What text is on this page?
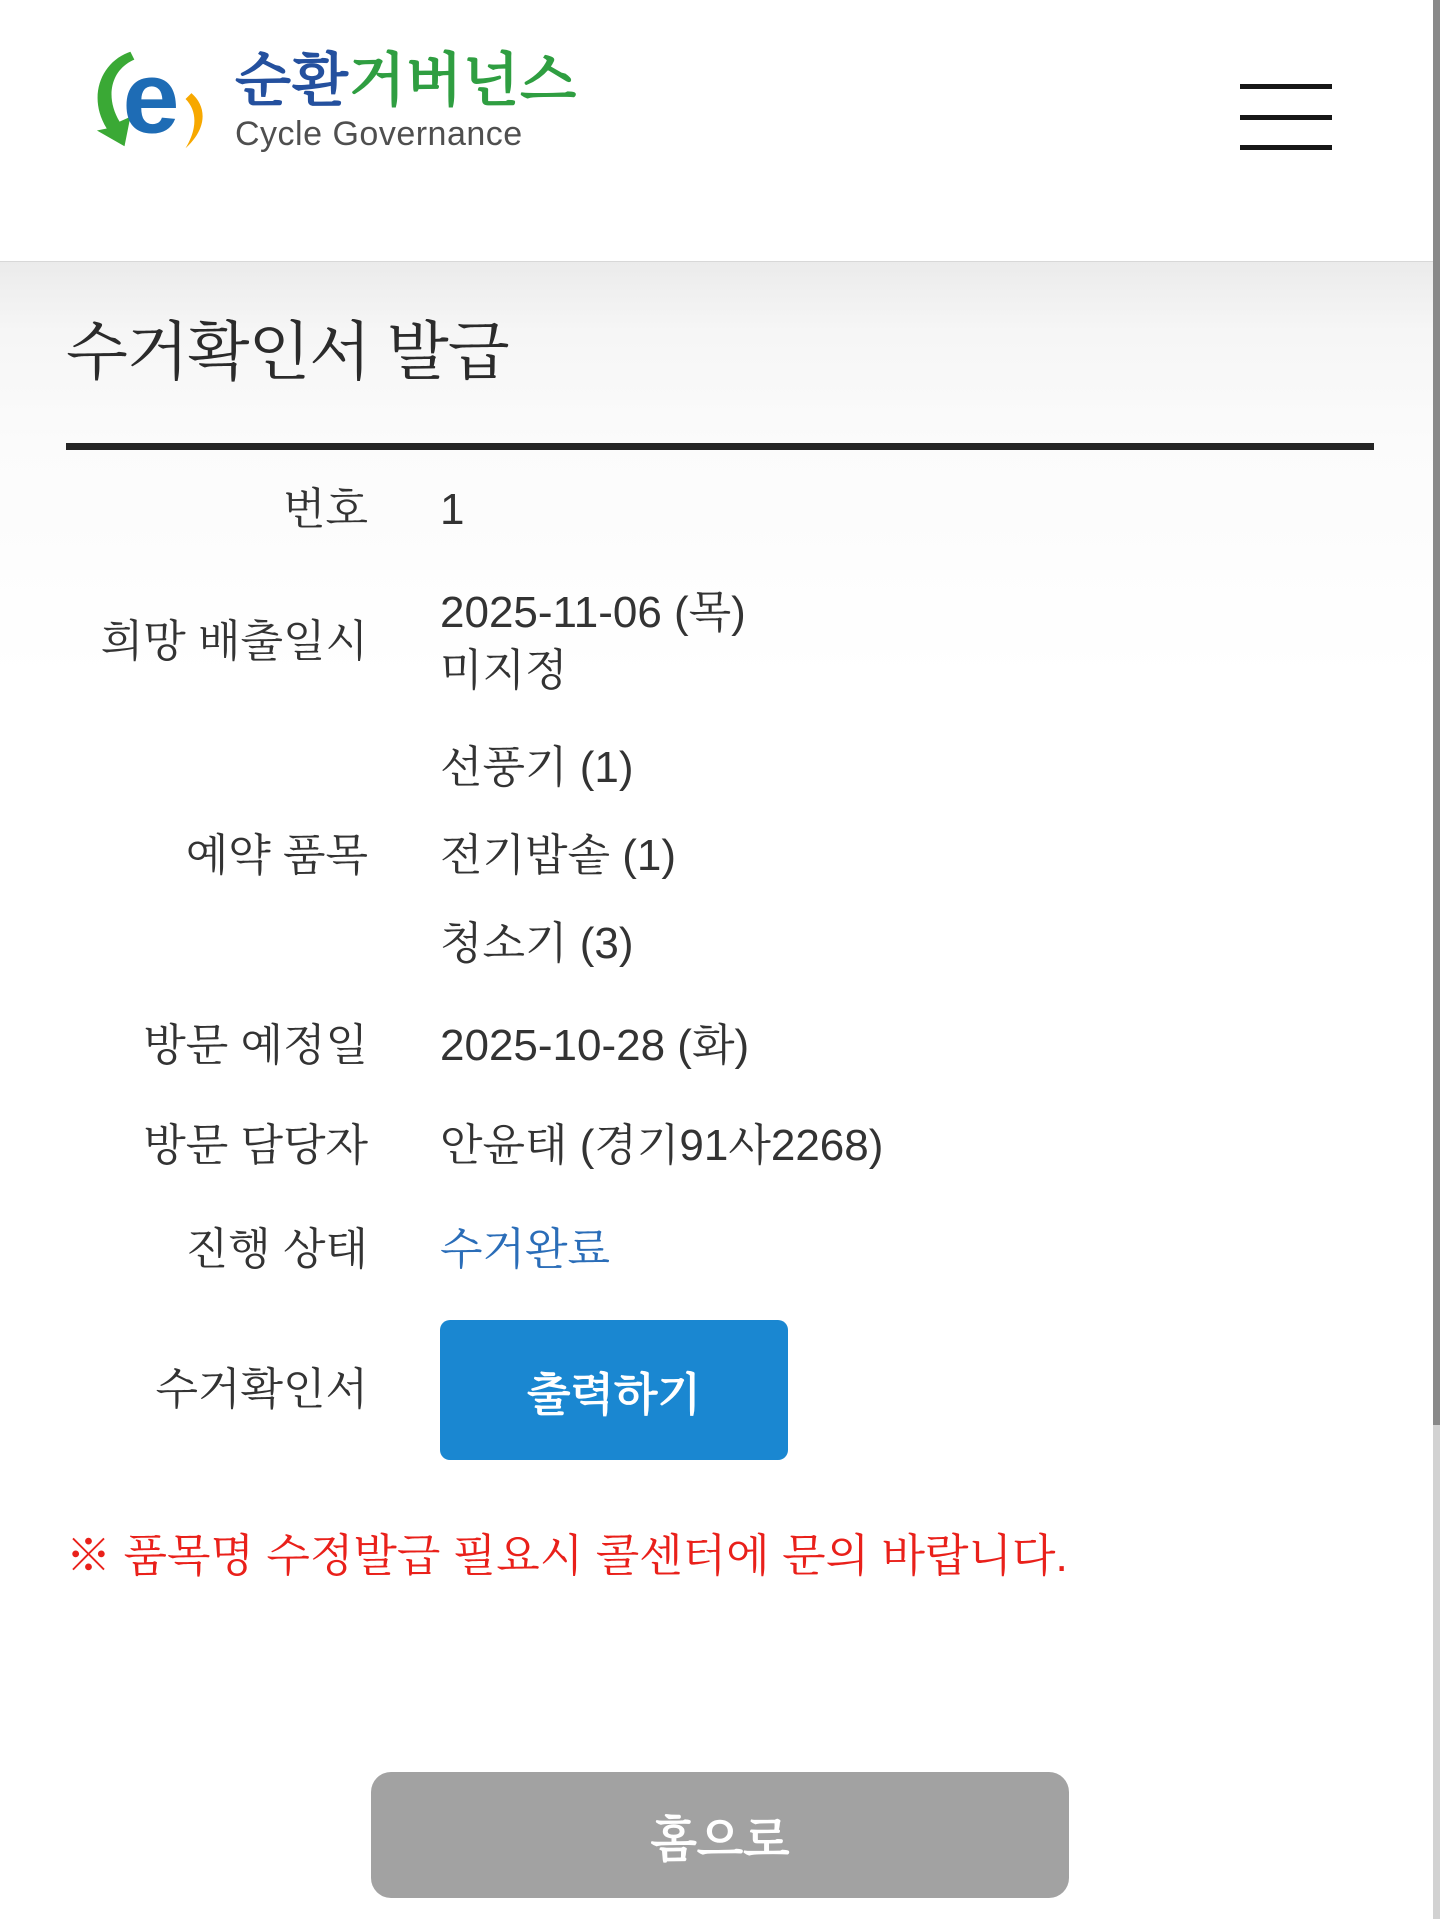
e 순환거버넌스
Cycle Governance
수거확인서 발급
번호 1
희망 배출일시
2025-11-06 (목)
미지정
예약 품목
선풍기 (1)
전기밥솥 (1)
청소기 (3)
방문 예정일 2025-10-28 (화)
방문 담당자 안윤태 (경기91사2268)
진행 상태 수거완료
수거확인서	출력하기
※ 품목명 수정발급 필요시 콜센터에 문의 바랍니다.
홈으로
